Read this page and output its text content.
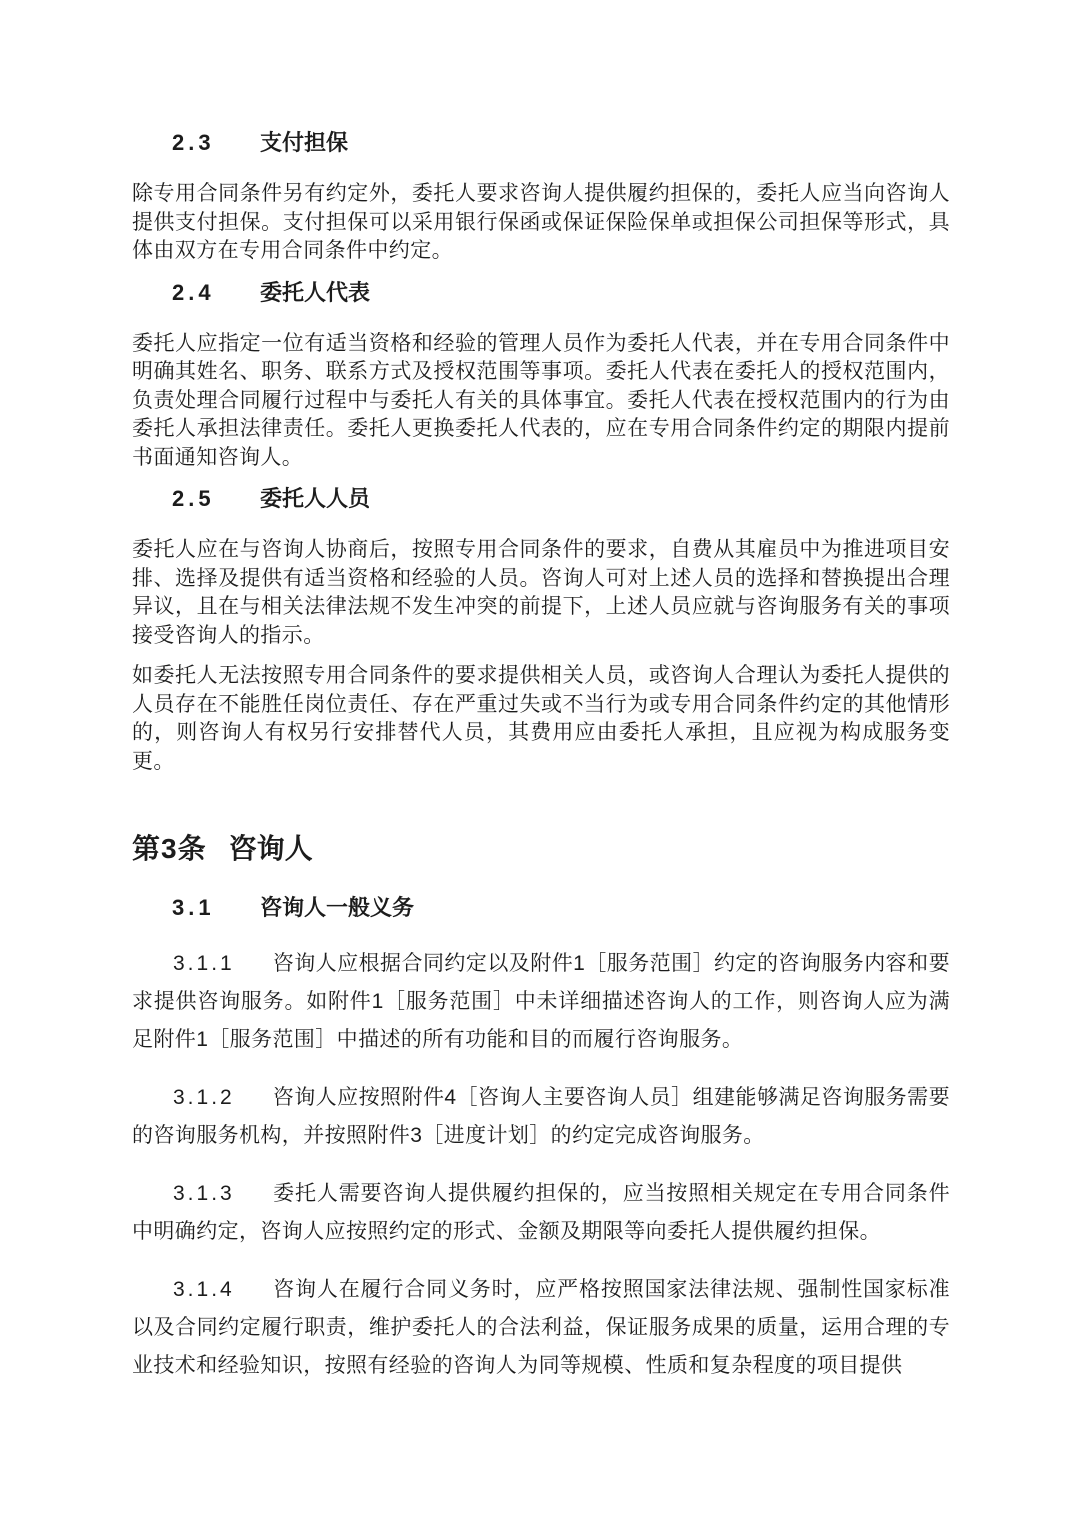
2.3 支付担保

除专用合同条件另有约定外，委托人要求咨询人提供履约担保的，委托人应当向咨询人提供支付担保。支付担保可以采用银行保函或保证保险保单或担保公司担保等形式，具体由双方在专用合同条件中约定。

2.4 委托人代表

委托人应指定一位有适当资格和经验的管理人员作为委托人代表，并在专用合同条件中明确其姓名、职务、联系方式及授权范围等事项。委托人代表在委托人的授权范围内，负责处理合同履行过程中与委托人有关的具体事宜。委托人代表在授权范围内的行为由委托人承担法律责任。委托人更换委托人代表的，应在专用合同条件约定的期限内提前书面通知咨询人。

2.5 委托人人员

委托人应在与咨询人协商后，按照专用合同条件的要求，自费从其雇员中为推进项目安排、选择及提供有适当资格和经验的人员。咨询人可对上述人员的选择和替换提出合理异议，且在与相关法律法规不发生冲突的前提下，上述人员应就与咨询服务有关的事项接受咨询人的指示。

如委托人无法按照专用合同条件的要求提供相关人员，或咨询人合理认为委托人提供的人员存在不能胜任岗位责任、存在严重过失或不当行为或专用合同条件约定的其他情形的，则咨询人有权另行安排替代人员，其费用应由委托人承担，且应视为构成服务变更。

第3条 咨询人
3.1 咨询人一般义务

3.1.1 咨询人应根据合同约定以及附件1［服务范围］约定的咨询服务内容和要求提供咨询服务。如附件1［服务范围］中未详细描述咨询人的工作，则咨询人应为满足附件1［服务范围］中描述的所有功能和目的而履行咨询服务。

3.1.2 咨询人应按照附件4［咨询人主要咨询人员］组建能够满足咨询服务需要的咨询服务机构，并按照附件3［进度计划］的约定完成咨询服务。

3.1.3 委托人需要咨询人提供履约担保的，应当按照相关规定在专用合同条件中明确约定，咨询人应按照约定的形式、金额及期限等向委托人提供履约担保。

3.1.4 咨询人在履行合同义务时，应严格按照国家法律法规、强制性国家标准以及合同约定履行职责，维护委托人的合法利益，保证服务成果的质量，运用合理的专业技术和经验知识，按照有经验的咨询人为同等规模、性质和复杂程度的项目提供
